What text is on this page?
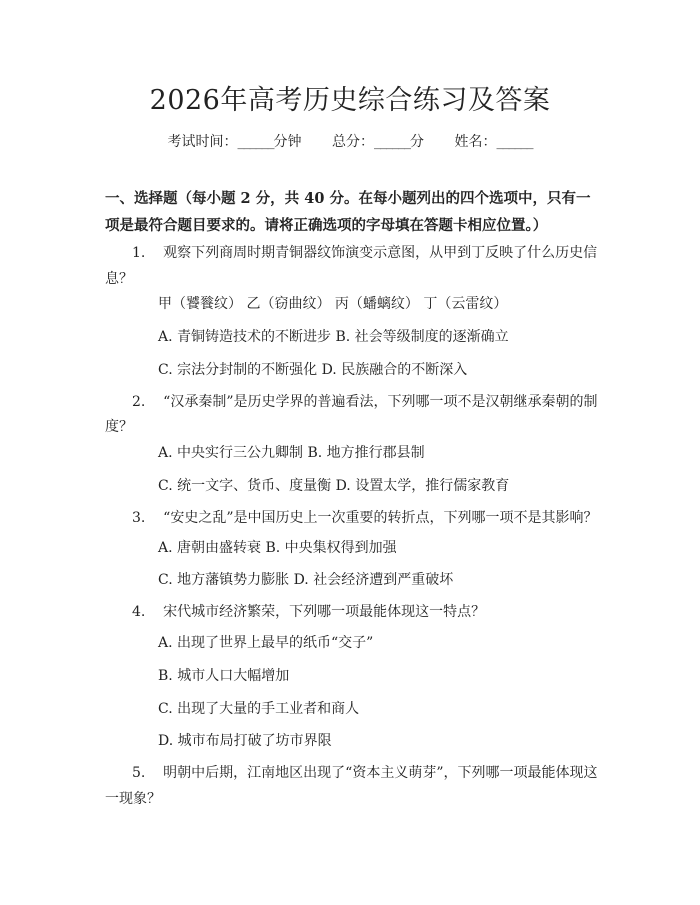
2026年高考历史综合练习及答案
考试时间：______分钟 总分：______分 姓名：______
一、选择题（每小题 2 分，共 40 分。在每小题列出的四个选项中，只有一项是最符合题目要求的。请将正确选项的字母填在答题卡相应位置。）
1. 观察下列商周时期青铜器纹饰演变示意图，从甲到丁反映了什么历史信
息？
甲（饕餮纹） 乙（窃曲纹） 丙（蟠螭纹） 丁（云雷纹）
A. 青铜铸造技术的不断进步 B. 社会等级制度的逐渐确立
C. 宗法分封制的不断强化 D. 民族融合的不断深入
2. “汉承秦制”是历史学界的普遍看法，下列哪一项不是汉朝继承秦朝的制
度？
A. 中央实行三公九卿制 B. 地方推行郡县制
C. 统一文字、货币、度量衡 D. 设置太学，推行儒家教育
3. “安史之乱”是中国历史上一次重要的转折点，下列哪一项不是其影响？
A. 唐朝由盛转衰 B. 中央集权得到加强
C. 地方藩镇势力膨胀 D. 社会经济遭到严重破坏
4. 宋代城市经济繁荣，下列哪一项最能体现这一特点？
A. 出现了世界上最早的纸币“交子”
B. 城市人口大幅增加
C. 出现了大量的手工业者和商人
D. 城市布局打破了坊市界限
5. 明朝中后期，江南地区出现了“资本主义萌芽”，下列哪一项最能体现这
一现象？
